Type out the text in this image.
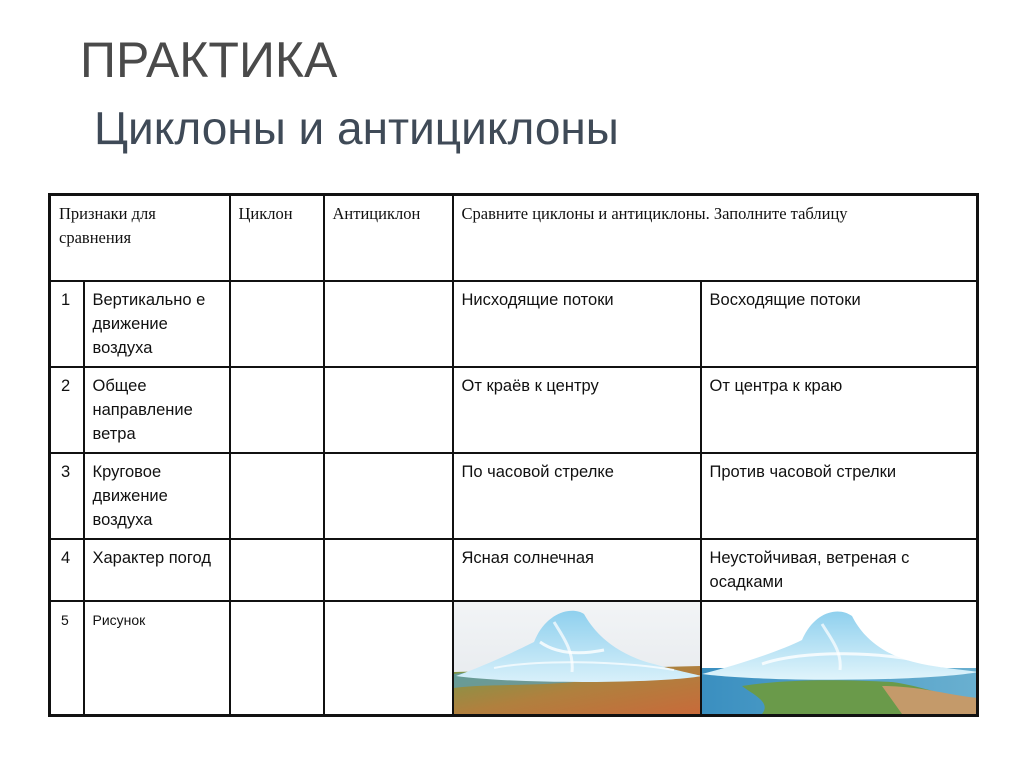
ПРАКТИКА
Циклоны и антициклоны
Признаки для сравнения		Циклон	Антициклон	Сравните циклоны и антициклоны. Заполните таблицу	
1	Вертикально е движение воздуха			Нисходящие потоки	Восходящие потоки
2	Общее направление ветра			От краёв к центру	От центра к краю
3	Круговое движение воздуха			По часовой стрелке	Против часовой стрелки
4	Характер погод			Ясная солнечная	Неустойчивая, ветреная с осадками
5	Рисунок			
